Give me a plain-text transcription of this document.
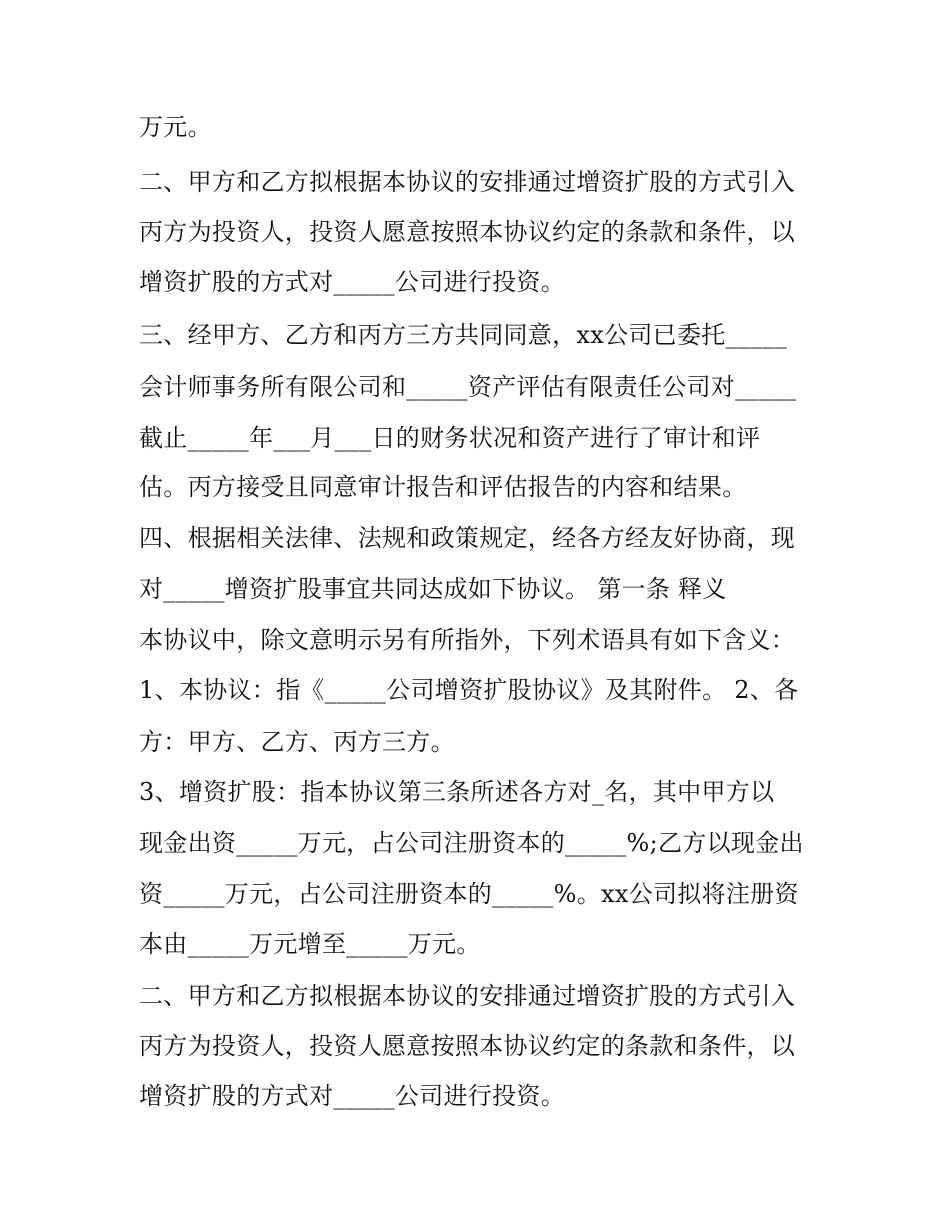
万元。
二、甲方和乙方拟根据本协议的安排通过增资扩股的方式引入
丙方为投资人，投资人愿意按照本协议约定的条款和条件，以
增资扩股的方式对_____公司进行投资。
三、经甲方、乙方和丙方三方共同同意，xx公司已委托_____
会计师事务所有限公司和_____资产评估有限责任公司对_____
截止_____年___月___日的财务状况和资产进行了审计和评
估。丙方接受且同意审计报告和评估报告的内容和结果。
四、根据相关法律、法规和政策规定，经各方经友好协商，现
对_____增资扩股事宜共同达成如下协议。 第一条 释义
本协议中，除文意明示另有所指外，下列术语具有如下含义：
1、本协议：指《_____公司增资扩股协议》及其附件。 2、各
方：甲方、乙方、丙方三方。
3、增资扩股：指本协议第三条所述各方对_名，其中甲方以
现金出资_____万元，占公司注册资本的_____%;乙方以现金出
资_____万元，占公司注册资本的_____%。xx公司拟将注册资
本由_____万元增至_____万元。
二、甲方和乙方拟根据本协议的安排通过增资扩股的方式引入
丙方为投资人，投资人愿意按照本协议约定的条款和条件，以
增资扩股的方式对_____公司进行投资。
